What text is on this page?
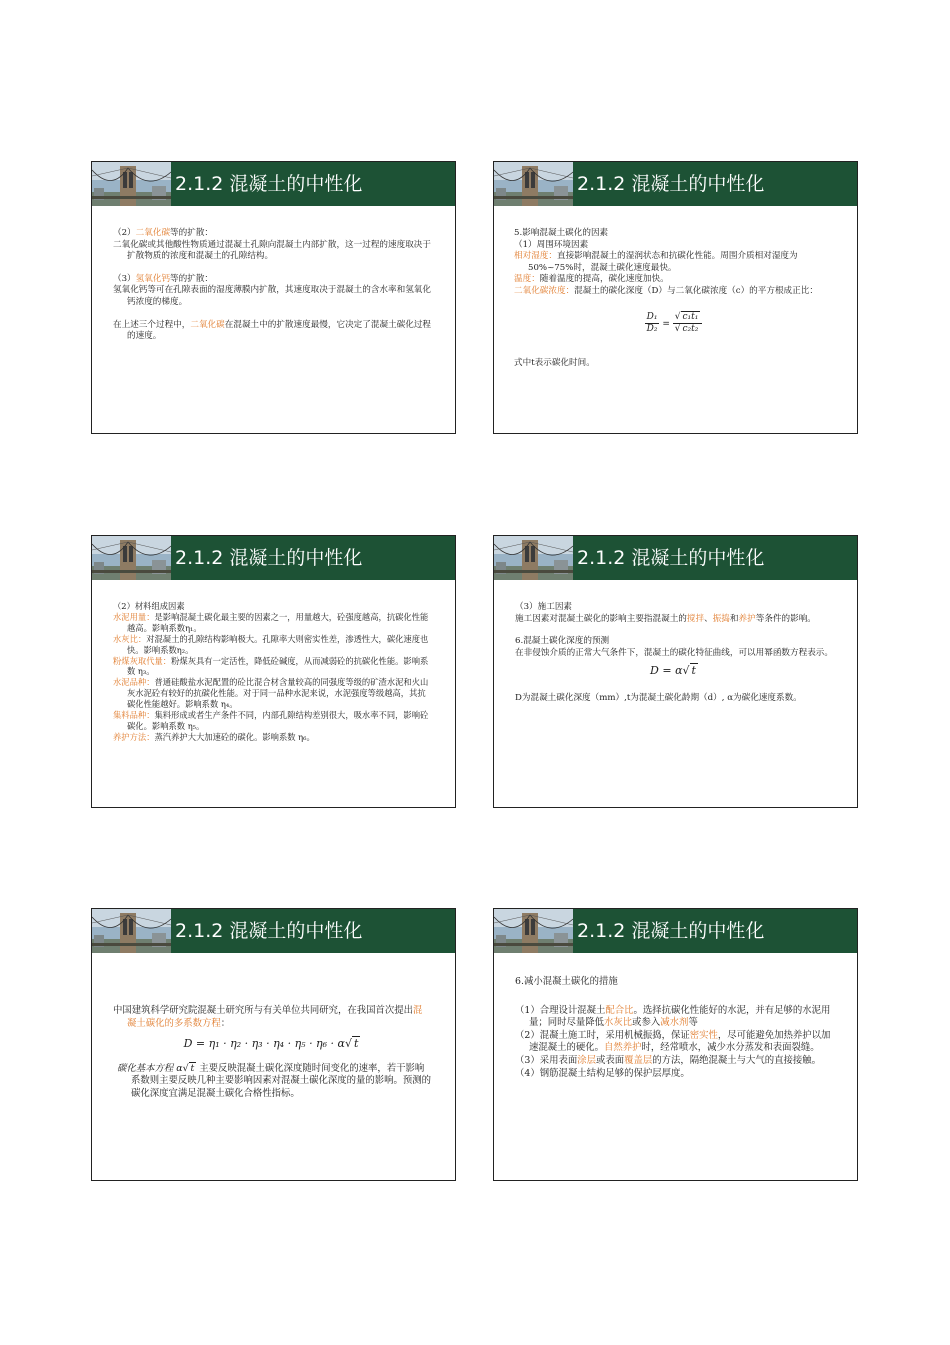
2.1.2 混凝土的中性化

（2）二氧化碳等的扩散：

二氧化碳或其他酸性物质通过混凝土孔隙向混凝土内部扩散，这一过程的速度取决于扩散物质的浓度和混凝土的孔隙结构。

（3）氢氧化钙等的扩散：

氢氧化钙等可在孔隙表面的湿度薄膜内扩散，其速度取决于混凝土的含水率和氢氧化钙浓度的梯度。

在上述三个过程中，二氧化碳在混凝土中的扩散速度最慢，它决定了混凝土碳化过程的速度。

2.1.2 混凝土的中性化

5.影响混凝土碳化的因素

（1）周围环境因素

相对湿度：直接影响混凝土的湿润状态和抗碳化性能。周围介质相对湿度为50%~75%时，混凝土碳化速度最快。

温度：随着温度的提高，碳化速度加快。

二氧化碳浓度：混凝土的碳化深度（D）与二氧化碳浓度（c）的平方根成正比：

$\frac{\text{D₁}}{\text{D₂}} = \frac{\text{√ c₁t₁}}{\text{√ c₂t₂}}$

式中t表示碳化时间。

2.1.2 混凝土的中性化

（2）材料组成因素

水泥用量：是影响混凝土碳化最主要的因素之一，用量越大，砼强度越高，抗碳化性能越高。影响系数η₁。

水灰比：对混凝土的孔隙结构影响极大。孔隙率大则密实性差，渗透性大，碳化速度也快。影响系数η₂。

粉煤灰取代量：粉煤灰具有一定活性，降低砼碱度，从而减弱砼的抗碳化性能。影响系数 η₃。

水泥品种：普通硅酸盐水泥配置的砼比混合材含量较高的同强度等级的矿渣水泥和火山灰水泥砼有较好的抗碳化性能。对于同一品种水泥来说，水泥强度等级越高，其抗碳化性能越好。影响系数 η₄。

集料品种：集料形成或者生产条件不同，内部孔隙结构差别很大，吸水率不同，影响砼碳化。影响系数 η₅。

养护方法：蒸汽养护大大加速砼的碳化。影响系数 η₆。

2.1.2 混凝土的中性化

（3）施工因素

施工因素对混凝土碳化的影响主要指混凝土的搅拌、振捣和养护等条件的影响。

6.混凝土碳化深度的预测

在非侵蚀介质的正常大气条件下，混凝土的碳化特征曲线，可以用幂函数方程表示。

D = α√ t

D为混凝土碳化深度（mm）,t为混凝土碳化龄期（d）, α为碳化速度系数。

2.1.2 混凝土的中性化

中国建筑科学研究院混凝土研究所与有关单位共同研究，在我国首次提出混凝土碳化的多系数方程：

D = η₁ · η₂ · η₃ · η₄ · η₅ · η₆ · α√ t

碳化基本方程 α√ t 主要反映混凝土碳化深度随时间变化的速率，若干影响系数则主要反映几种主要影响因素对混凝土碳化深度的量的影响。预测的碳化深度宜满足混凝土碳化合格性指标。

2.1.2 混凝土的中性化

6.减小混凝土碳化的措施

（1）合理设计混凝土配合比。选择抗碳化性能好的水泥，并有足够的水泥用量；同时尽量降低水灰比或参入减水剂等

（2）混凝土施工时，采用机械振捣，保证密实性，尽可能避免加热养护以加速混凝土的硬化。自然养护时，经常喷水，减少水分蒸发和表面裂缝。

（3）采用表面涂层或表面覆盖层的方法，隔绝混凝土与大气的直接接触。

（4）钢筋混凝土结构足够的保护层厚度。
